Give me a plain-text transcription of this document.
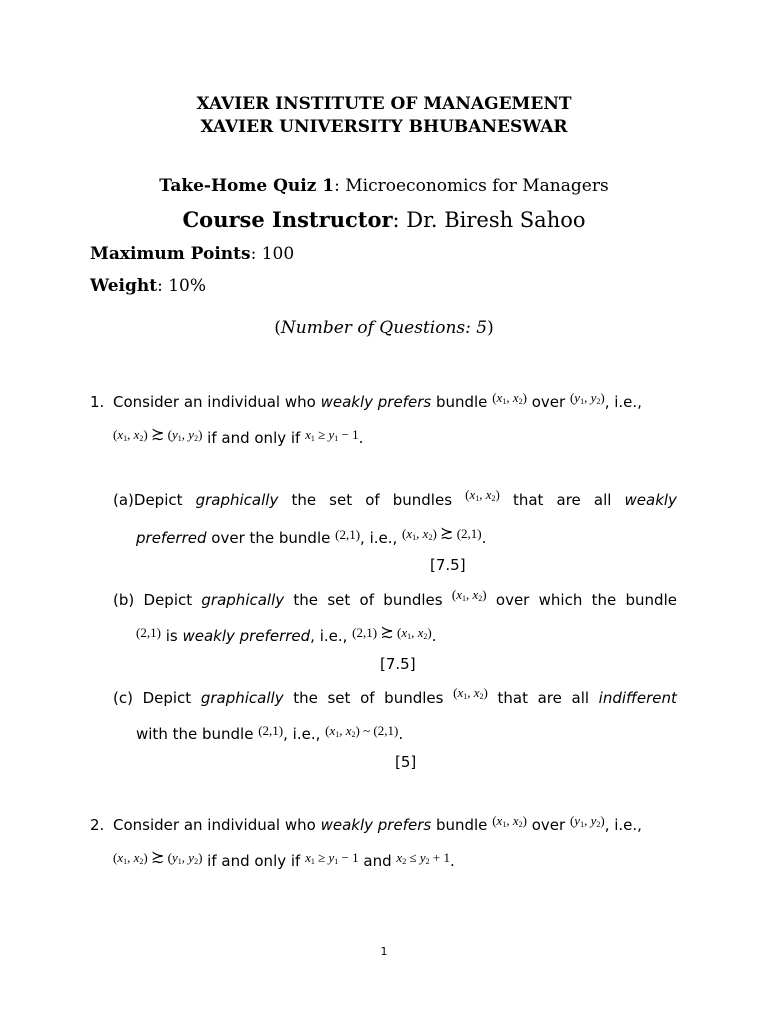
XAVIER INSTITUTE OF MANAGEMENT
XAVIER UNIVERSITY BHUBANESWAR
Take-Home Quiz 1: Microeconomics for Managers
Course Instructor: Dr. Biresh Sahoo
Maximum Points: 100
Weight: 10%
(Number of Questions: 5)
1. Consider an individual who weakly prefers bundle ($x_1$, $x_2$) over ($y_1$, $y_2$), i.e.,
($x_1$, $x_2$) ≿ ($y_1$, $y_2$) if and only if $x_1 \ge y_1 - 1$.
(a)Depict graphically the set of bundles ($x_1$, $x_2$) that are all weakly
preferred over the bundle (2,1), i.e., ($x_1$, $x_2$) ≿ (2,1).
[7.5]
(b) Depict graphically the set of bundles ($x_1$, $x_2$) over which the bundle
(2,1) is weakly preferred, i.e., (2,1) ≿ ($x_1$, $x_2$).
[7.5]
(c) Depict graphically the set of bundles ($x_1$, $x_2$) that are all indifferent
with the bundle (2,1), i.e., ($x_1$, $x_2$) ~ (2,1).
[5]
2. Consider an individual who weakly prefers bundle ($x_1$, $x_2$) over ($y_1$, $y_2$), i.e.,
($x_1$, $x_2$) ≿ ($y_1$, $y_2$) if and only if $x_1 \ge y_1 - 1$ and $x_2 \le y_2 + 1$.
1
